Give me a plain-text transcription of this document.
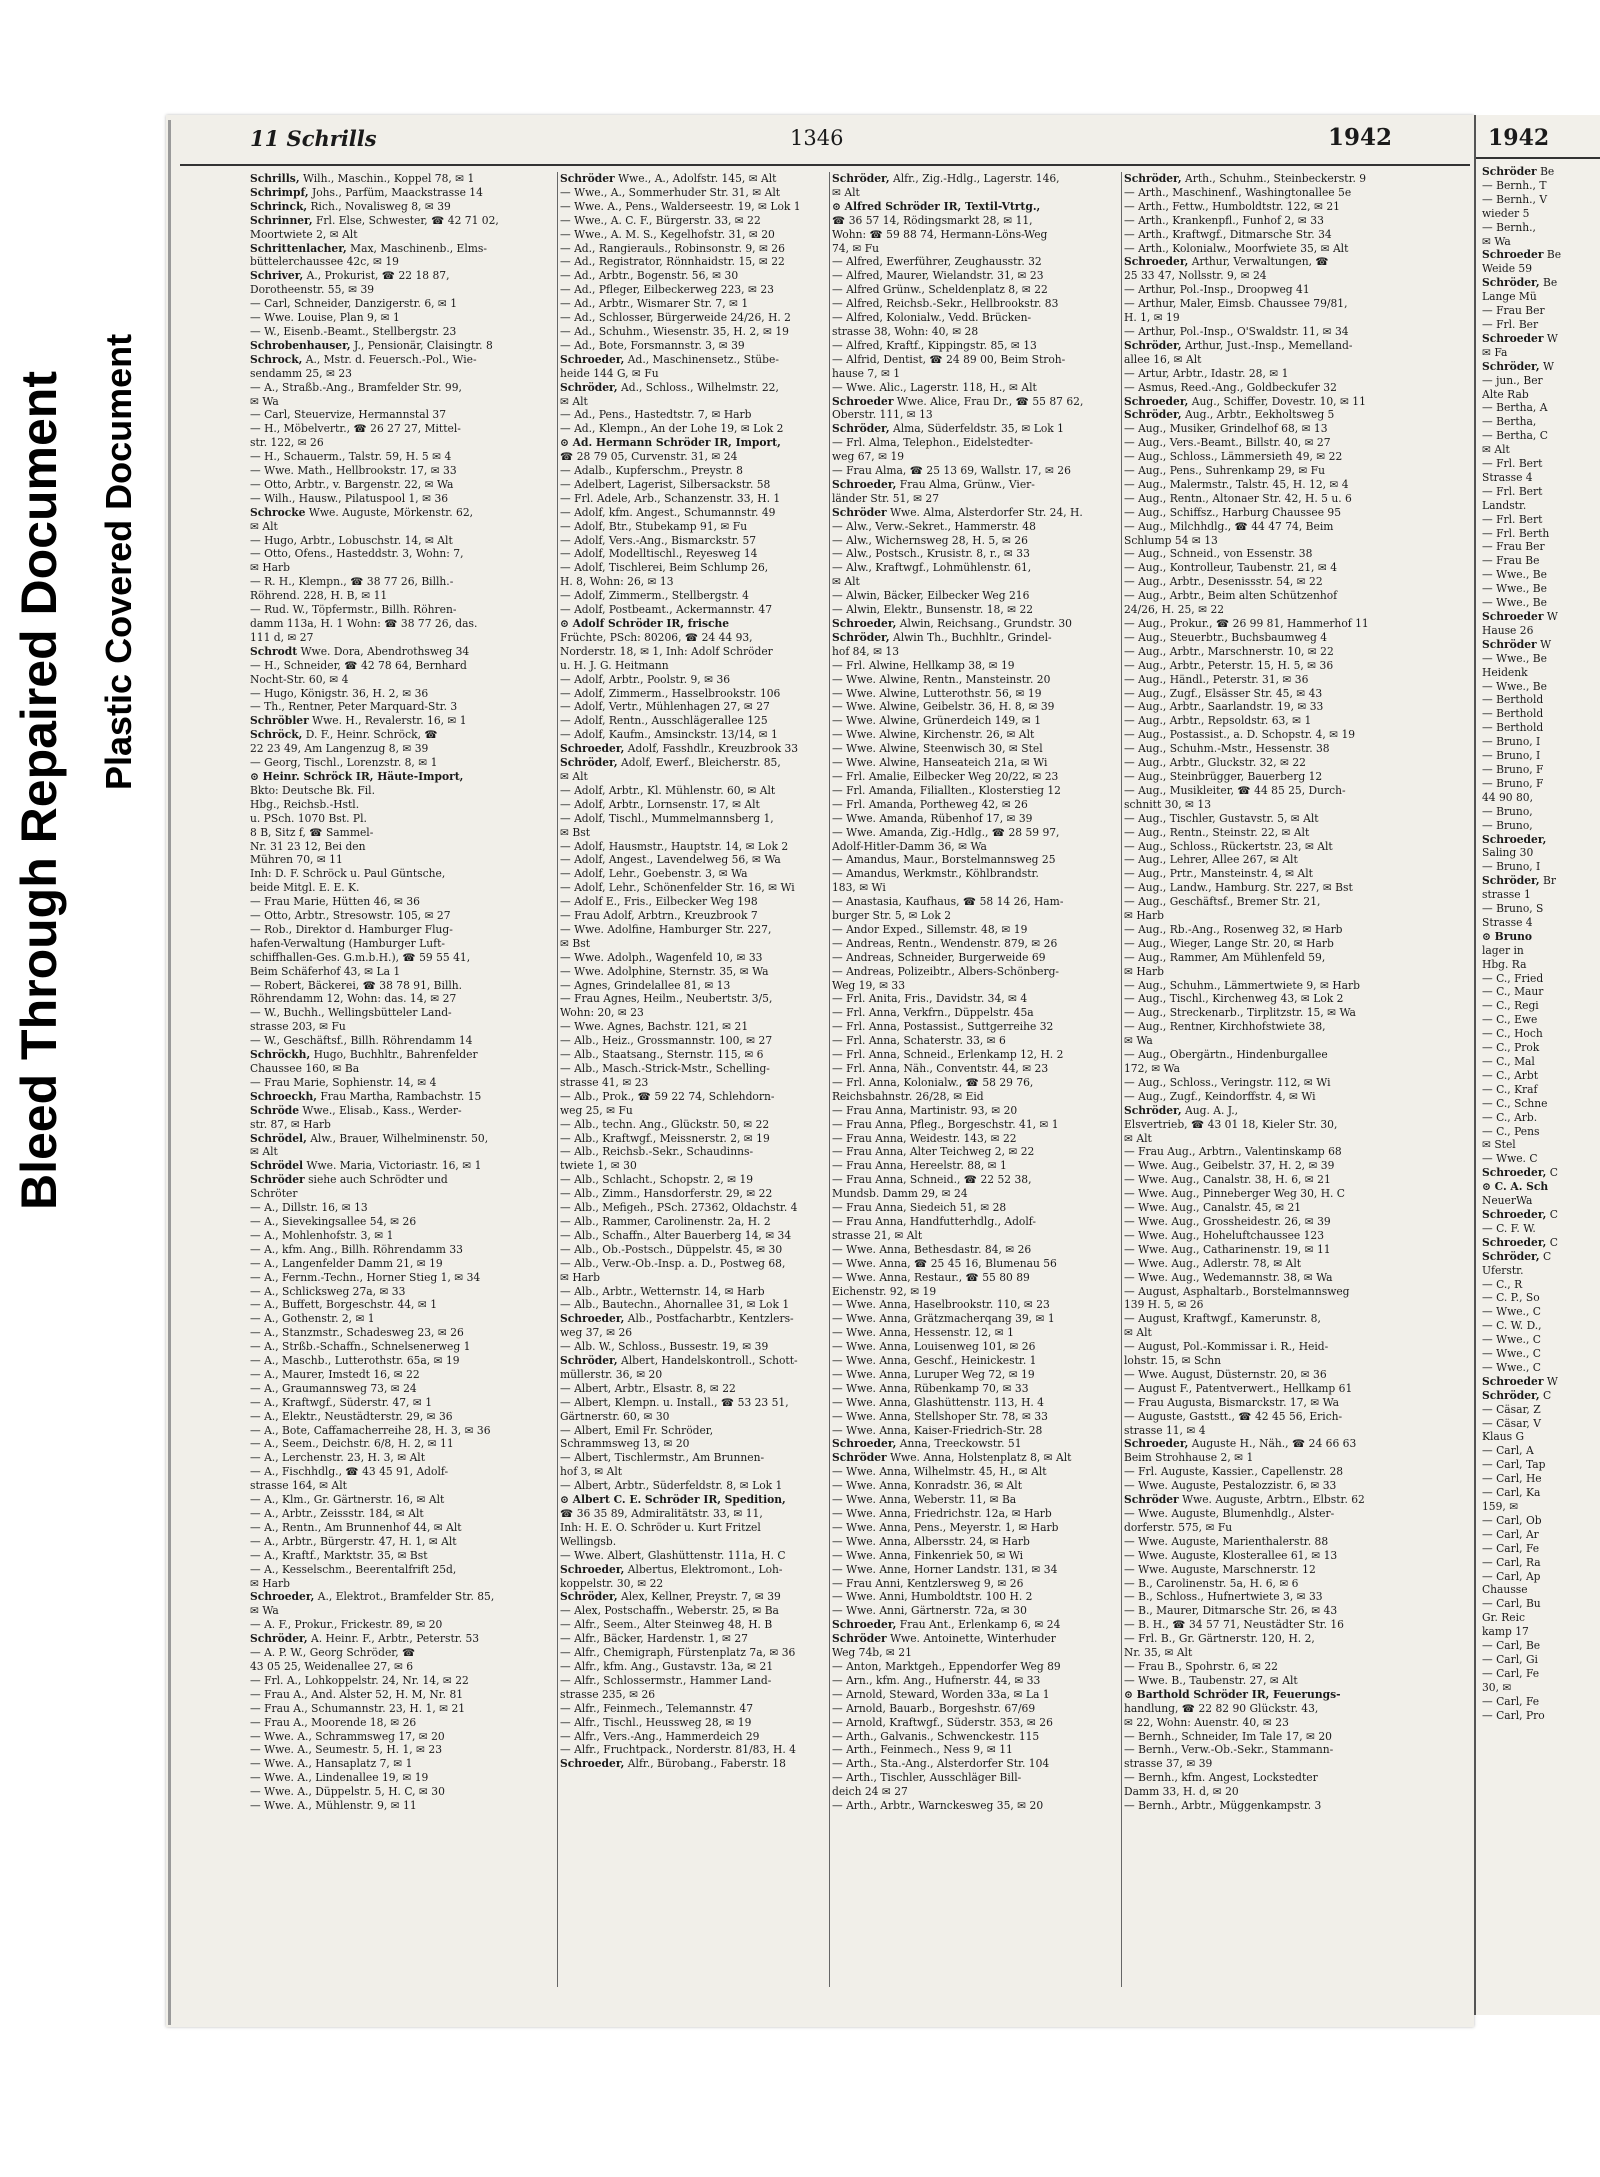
Bleed Through Repaired Document Plastic Covered Document
11 Schrills	1346	1942
Schrills, Wilh., Maschin., Koppel 78, ✉ 1
Schrimpf, Johs., Parfüm, Maackstrasse 14
Schrinck, Rich., Novalisweg 8, ✉ 39
Schrinner, Frl. Else, Schwester, ☎ 42 71 02,
Moortwiete 2, ✉ Alt
Schrittenlacher, Max, Maschinenb., Elms-
büttelerchaussee 42c, ✉ 19
Schriver, A., Prokurist, ☎ 22 18 87,
Dorotheenstr. 55, ✉ 39
— Carl, Schneider, Danzigerstr. 6, ✉ 1
— Wwe. Louise, Plan 9, ✉ 1
— W., Eisenb.-Beamt., Stellbergstr. 23
Schrobenhauser, J., Pensionär, Claisingtr. 8
Schrock, A., Mstr. d. Feuersch.-Pol., Wie-
sendamm 25, ✉ 23
— A., Straßb.-Ang., Bramfelder Str. 99,
✉ Wa
— Carl, Steuervize, Hermannstal 37
— H., Möbelvertr., ☎ 26 27 27, Mittel-
str. 122, ✉ 26
— H., Schauerm., Talstr. 59, H. 5 ✉ 4
— Wwe. Math., Hellbrookstr. 17, ✉ 33
— Otto, Arbtr., v. Bargenstr. 22, ✉ Wa
— Wilh., Hausw., Pilatuspool 1, ✉ 36
Schrocke Wwe. Auguste, Mörkenstr. 62,
✉ Alt
— Hugo, Arbtr., Lobuschstr. 14, ✉ Alt
— Otto, Ofens., Hasteddstr. 3, Wohn: 7,
✉ Harb
— R. H., Klempn., ☎ 38 77 26, Billh.-
Röhrend. 228, H. B, ✉ 11
— Rud. W., Töpfermstr., Billh. Röhren-
damm 113a, H. 1 Wohn: ☎ 38 77 26, das.
111 d, ✉ 27
Schrodt Wwe. Dora, Abendrothsweg 34
— H., Schneider, ☎ 42 78 64, Bernhard
Nocht-Str. 60, ✉ 4
— Hugo, Königstr. 36, H. 2, ✉ 36
— Th., Rentner, Peter Marquard-Str. 3
Schröbler Wwe. H., Revalerstr. 16, ✉ 1
Schröck, D. F., Heinr. Schröck, ☎
22 23 49, Am Langenzug 8, ✉ 39
— Georg, Tischl., Lorenzstr. 8, ✉ 1
⊙ Heinr. Schröck IR, Häute-Import,
Bkto: Deutsche Bk. Fil.
Hbg., Reichsb.-Hstl.
u. PSch. 1070 Bst. Pl.
8 B, Sitz f, ☎ Sammel-
Nr. 31 23 12, Bei den
Mühren 70, ✉ 11
Inh: D. F. Schröck u. Paul Güntsche,
beide Mitgl. E. E. K.
— Frau Marie, Hütten 46, ✉ 36
— Otto, Arbtr., Stresowstr. 105, ✉ 27
— Rob., Direktor d. Hamburger Flug-
hafen-Verwaltung (Hamburger Luft-
schiffhallen-Ges. G.m.b.H.), ☎ 59 55 41,
Beim Schäferhof 43, ✉ La 1
— Robert, Bäckerei, ☎ 38 78 91, Billh.
Röhrendamm 12, Wohn: das. 14, ✉ 27
— W., Buchh., Wellingsbütteler Land-
strasse 203, ✉ Fu
— W., Geschäftsf., Billh. Röhrendamm 14
Schröckh, Hugo, Buchhltr., Bahrenfelder
Chaussee 160, ✉ Ba
— Frau Marie, Sophienstr. 14, ✉ 4
Schroeckh, Frau Martha, Rambachstr. 15
Schröde Wwe., Elisab., Kass., Werder-
str. 87, ✉ Harb
Schrödel, Alw., Brauer, Wilhelminenstr. 50,
✉ Alt
Schrödel Wwe. Maria, Victoriastr. 16, ✉ 1
Schröder siehe auch Schrödter und
Schröter
— A., Dillstr. 16, ✉ 13
— A., Sievekingsallee 54, ✉ 26
— A., Mohlenhofstr. 3, ✉ 1
— A., kfm. Ang., Billh. Röhrendamm 33
— A., Langenfelder Damm 21, ✉ 19
— A., Fernm.-Techn., Horner Stieg 1, ✉ 34
— A., Schlicksweg 27a, ✉ 33
— A., Buffett, Borgeschstr. 44, ✉ 1
— A., Gothenstr. 2, ✉ 1
— A., Stanzmstr., Schadesweg 23, ✉ 26
— A., Strßb.-Schaffn., Schnelsenerweg 1
— A., Maschb., Lutterothstr. 65a, ✉ 19
— A., Maurer, Imstedt 16, ✉ 22
— A., Graumannsweg 73, ✉ 24
— A., Kraftwgf., Süderstr. 47, ✉ 1
— A., Elektr., Neustädterstr. 29, ✉ 36
— A., Bote, Caffamacherreihe 28, H. 3, ✉ 36
— A., Seem., Deichstr. 6/8, H. 2, ✉ 11
— A., Lerchenstr. 23, H. 3, ✉ Alt
— A., Fischhdlg., ☎ 43 45 91, Adolf-
strasse 164, ✉ Alt
— A., Klm., Gr. Gärtnerstr. 16, ✉ Alt
— A., Arbtr., Zeissstr. 184, ✉ Alt
— A., Rentn., Am Brunnenhof 44, ✉ Alt
— A., Arbtr., Bürgerstr. 47, H. 1, ✉ Alt
— A., Kraftf., Marktstr. 35, ✉ Bst
— A., Kesselschm., Beerentalfrift 25d,
✉ Harb
Schroeder, A., Elektrot., Bramfelder Str. 85,
✉ Wa
— A. F., Prokur., Frickestr. 89, ✉ 20
Schröder, A. Heinr. F., Arbtr., Peterstr. 53
— A. P. W., Georg Schröder, ☎
43 05 25, Weidenallee 27, ✉ 6
— Frl. A., Lohkoppelstr. 24, Nr. 14, ✉ 22
— Frau A., And. Alster 52, H. M, Nr. 81
— Frau A., Schumannstr. 23, H. 1, ✉ 21
— Frau A., Moorende 18, ✉ 26
— Wwe. A., Schrammsweg 17, ✉ 20
— Wwe. A., Seumestr. 5, H. 1, ✉ 23
— Wwe. A., Hansaplatz 7, ✉ 1
— Wwe. A., Lindenallee 19, ✉ 19
— Wwe. A., Düppelstr. 5, H. C, ✉ 30
— Wwe. A., Mühlenstr. 9, ✉ 11
Schröder Wwe., A., Adolfstr. 145, ✉ Alt
— Wwe., A., Sommerhuder Str. 31, ✉ Alt
— Wwe. A., Pens., Walderseestr. 19, ✉ Lok 1
— Wwe., A. C. F., Bürgerstr. 33, ✉ 22
— Wwe., A. M. S., Kegelhofstr. 31, ✉ 20
— Ad., Rangierauls., Robinsonstr. 9, ✉ 26
— Ad., Registrator, Rönnhaidstr. 15, ✉ 22
— Ad., Arbtr., Bogenstr. 56, ✉ 30
— Ad., Pfleger, Eilbeckerweg 223, ✉ 23
— Ad., Arbtr., Wismarer Str. 7, ✉ 1
— Ad., Schlosser, Bürgerweide 24/26, H. 2
— Ad., Schuhm., Wiesenstr. 35, H. 2, ✉ 19
— Ad., Bote, Forsmannstr. 3, ✉ 39
Schroeder, Ad., Maschinensetz., Stübe-
heide 144 G, ✉ Fu
Schröder, Ad., Schloss., Wilhelmstr. 22,
✉ Alt
— Ad., Pens., Hastedtstr. 7, ✉ Harb
— Ad., Klempn., An der Lohe 19, ✉ Lok 2
⊙ Ad. Hermann Schröder IR, Import,
☎ 28 79 05, Curvenstr. 31, ✉ 24
— Adalb., Kupferschm., Preystr. 8
— Adelbert, Lagerist, Silbersackstr. 58
— Frl. Adele, Arb., Schanzenstr. 33, H. 1
— Adolf, kfm. Angest., Schumannstr. 49
— Adolf, Btr., Stubekamp 91, ✉ Fu
— Adolf, Vers.-Ang., Bismarckstr. 57
— Adolf, Modelltischl., Reyesweg 14
— Adolf, Tischlerei, Beim Schlump 26,
H. 8, Wohn: 26, ✉ 13
— Adolf, Zimmerm., Stellbergstr. 4
— Adolf, Postbeamt., Ackermannstr. 47
⊙ Adolf Schröder IR, frische
Früchte, PSch: 80206, ☎ 24 44 93,
Norderstr. 18, ✉ 1, Inh: Adolf Schröder
u. H. J. G. Heitmann
— Adolf, Arbtr., Poolstr. 9, ✉ 36
— Adolf, Zimmerm., Hasselbrookstr. 106
— Adolf, Vertr., Mühlenhagen 27, ✉ 27
— Adolf, Rentn., Ausschlägerallee 125
— Adolf, Kaufm., Amsinckstr. 13/14, ✉ 1
Schroeder, Adolf, Fasshdlr., Kreuzbrook 33
Schröder, Adolf, Ewerf., Bleicherstr. 85,
✉ Alt
— Adolf, Arbtr., Kl. Mühlenstr. 60, ✉ Alt
— Adolf, Arbtr., Lornsenstr. 17, ✉ Alt
— Adolf, Tischl., Mummelmannsberg 1,
✉ Bst
— Adolf, Hausmstr., Hauptstr. 14, ✉ Lok 2
— Adolf, Angest., Lavendelweg 56, ✉ Wa
— Adolf, Lehr., Goebenstr. 3, ✉ Wa
— Adolf, Lehr., Schönenfelder Str. 16, ✉ Wi
— Adolf E., Fris., Eilbecker Weg 198
— Frau Adolf, Arbtrn., Kreuzbrook 7
— Wwe. Adolfine, Hamburger Str. 227,
✉ Bst
— Wwe. Adolph., Wagenfeld 10, ✉ 33
— Wwe. Adolphine, Sternstr. 35, ✉ Wa
— Agnes, Grindelallee 81, ✉ 13
— Frau Agnes, Heilm., Neubertstr. 3/5,
Wohn: 20, ✉ 23
— Wwe. Agnes, Bachstr. 121, ✉ 21
— Alb., Heiz., Grossmannstr. 100, ✉ 27
— Alb., Staatsang., Sternstr. 115, ✉ 6
— Alb., Masch.-Strick-Mstr., Schelling-
strasse 41, ✉ 23
— Alb., Prok., ☎ 59 22 74, Schlehdorn-
weg 25, ✉ Fu
— Alb., techn. Ang., Glückstr. 50, ✉ 22
— Alb., Kraftwgf., Meissnerstr. 2, ✉ 19
— Alb., Reichsb.-Sekr., Schaudinns-
twiete 1, ✉ 30
— Alb., Schlacht., Schopstr. 2, ✉ 19
— Alb., Zimm., Hansdorferstr. 29, ✉ 22
— Alb., Mefigeh., PSch. 27362, Oldachstr. 4
— Alb., Rammer, Carolinenstr. 2a, H. 2
— Alb., Schaffn., Alter Bauerberg 14, ✉ 34
— Alb., Ob.-Postsch., Düppelstr. 45, ✉ 30
— Alb., Verw.-Ob.-Insp. a. D., Postweg 68,
✉ Harb
— Alb., Arbtr., Wetternstr. 14, ✉ Harb
— Alb., Bautechn., Ahornallee 31, ✉ Lok 1
Schroeder, Alb., Postfacharbtr., Kentzlers-
weg 37, ✉ 26
— Alb. W., Schloss., Bussestr. 19, ✉ 39
Schröder, Albert, Handelskontroll., Schott-
müllerstr. 36, ✉ 20
— Albert, Arbtr., Elsastr. 8, ✉ 22
— Albert, Klempn. u. Install., ☎ 53 23 51,
Gärtnerstr. 60, ✉ 30
— Albert, Emil Fr. Schröder,
Schrammsweg 13, ✉ 20
— Albert, Tischlermstr., Am Brunnen-
hof 3, ✉ Alt
— Albert, Arbtr., Süderfeldstr. 8, ✉ Lok 1
⊙ Albert C. E. Schröder IR, Spedition,
☎ 36 35 89, Admiralitätstr. 33, ✉ 11,
Inh: H. E. O. Schröder u. Kurt Fritzel
Wellingsb.
— Wwe. Albert, Glashüttenstr. 111a, H. C
Schroeder, Albertus, Elektromont., Loh-
koppelstr. 30, ✉ 22
Schröder, Alex, Kellner, Preystr. 7, ✉ 39
— Alex, Postschaffn., Weberstr. 25, ✉ Ba
— Alfr., Seem., Alter Steinweg 48, H. B
— Alfr., Bäcker, Hardenstr. 1, ✉ 27
— Alfr., Chemigraph, Fürstenplatz 7a, ✉ 36
— Alfr., kfm. Ang., Gustavstr. 13a, ✉ 21
— Alfr., Schlossermstr., Hammer Land-
strasse 235, ✉ 26
— Alfr., Feinmech., Telemannstr. 47
— Alfr., Tischl., Heussweg 28, ✉ 19
— Alfr., Vers.-Ang., Hammerdeich 29
— Alfr., Fruchtpack., Norderstr. 81/83, H. 4
Schroeder, Alfr., Bürobang., Faberstr. 18
Schröder, Alfr., Zig.-Hdlg., Lagerstr. 146,
✉ Alt
⊙ Alfred Schröder IR, Textil-Vtrtg.,
☎ 36 57 14, Rödingsmarkt 28, ✉ 11,
Wohn: ☎ 59 88 74, Hermann-Löns-Weg
74, ✉ Fu
— Alfred, Ewerführer, Zeughausstr. 32
— Alfred, Maurer, Wielandstr. 31, ✉ 23
— Alfred Grünw., Scheldenplatz 8, ✉ 22
— Alfred, Reichsb.-Sekr., Hellbrookstr. 83
— Alfred, Kolonialw., Vedd. Brücken-
strasse 38, Wohn: 40, ✉ 28
— Alfred, Kraftf., Kippingstr. 85, ✉ 13
— Alfrid, Dentist, ☎ 24 89 00, Beim Stroh-
hause 7, ✉ 1
— Wwe. Alic., Lagerstr. 118, H., ✉ Alt
Schroeder Wwe. Alice, Frau Dr., ☎ 55 87 62,
Oberstr. 111, ✉ 13
Schröder, Alma, Süderfeldstr. 35, ✉ Lok 1
— Frl. Alma, Telephon., Eidelstedter-
weg 67, ✉ 19
— Frau Alma, ☎ 25 13 69, Wallstr. 17, ✉ 26
Schroeder, Frau Alma, Grünw., Vier-
länder Str. 51, ✉ 27
Schröder Wwe. Alma, Alsterdorfer Str. 24, H.
— Alw., Verw.-Sekret., Hammerstr. 48
— Alw., Wichernsweg 28, H. 5, ✉ 26
— Alw., Postsch., Krusistr. 8, r., ✉ 33
— Alw., Kraftwgf., Lohmühlenstr. 61,
✉ Alt
— Alwin, Bäcker, Eilbecker Weg 216
— Alwin, Elektr., Bunsenstr. 18, ✉ 22
Schroeder, Alwin, Reichsang., Grundstr. 30
Schröder, Alwin Th., Buchhltr., Grindel-
hof 84, ✉ 13
— Frl. Alwine, Hellkamp 38, ✉ 19
— Wwe. Alwine, Rentn., Mansteinstr. 20
— Wwe. Alwine, Lutterothstr. 56, ✉ 19
— Wwe. Alwine, Geibelstr. 36, H. 8, ✉ 39
— Wwe. Alwine, Grünerdeich 149, ✉ 1
— Wwe. Alwine, Kirchenstr. 26, ✉ Alt
— Wwe. Alwine, Steenwisch 30, ✉ Stel
— Wwe. Alwine, Hanseateich 21a, ✉ Wi
— Frl. Amalie, Eilbecker Weg 20/22, ✉ 23
— Frl. Amanda, Filiallten., Klosterstieg 12
— Frl. Amanda, Portheweg 42, ✉ 26
— Wwe. Amanda, Rübenhof 17, ✉ 39
— Wwe. Amanda, Zig.-Hdlg., ☎ 28 59 97,
Adolf-Hitler-Damm 36, ✉ Wa
— Amandus, Maur., Borstelmannsweg 25
— Amandus, Werkmstr., Köhlbrandstr.
183, ✉ Wi
— Anastasia, Kaufhaus, ☎ 58 14 26, Ham-
burger Str. 5, ✉ Lok 2
— Andor Exped., Sillemstr. 48, ✉ 19
— Andreas, Rentn., Wendenstr. 879, ✉ 26
— Andreas, Schneider, Burgerweide 69
— Andreas, Polizeibtr., Albers-Schönberg-
Weg 19, ✉ 33
— Frl. Anita, Fris., Davidstr. 34, ✉ 4
— Frl. Anna, Verkfrn., Düppelstr. 45a
— Frl. Anna, Postassist., Suttgerreihe 32
— Frl. Anna, Schaterstr. 33, ✉ 6
— Frl. Anna, Schneid., Erlenkamp 12, H. 2
— Frl. Anna, Näh., Conventstr. 44, ✉ 23
— Frl. Anna, Kolonialw., ☎ 58 29 76,
Reichsbahnstr. 26/28, ✉ Eid
— Frau Anna, Martinistr. 93, ✉ 20
— Frau Anna, Pfleg., Borgeschstr. 41, ✉ 1
— Frau Anna, Weidestr. 143, ✉ 22
— Frau Anna, Alter Teichweg 2, ✉ 22
— Frau Anna, Hereelstr. 88, ✉ 1
— Frau Anna, Schneid., ☎ 22 52 38,
Mundsb. Damm 29, ✉ 24
— Frau Anna, Siedeich 51, ✉ 28
— Frau Anna, Handfutterhdlg., Adolf-
strasse 21, ✉ Alt
— Wwe. Anna, Bethesdastr. 84, ✉ 26
— Wwe. Anna, ☎ 25 45 16, Blumenau 56
— Wwe. Anna, Restaur., ☎ 55 80 89
Eichenstr. 92, ✉ 19
— Wwe. Anna, Haselbrookstr. 110, ✉ 23
— Wwe. Anna, Grätzmacherqang 39, ✉ 1
— Wwe. Anna, Hessenstr. 12, ✉ 1
— Wwe. Anna, Louisenweg 101, ✉ 26
— Wwe. Anna, Geschf., Heinickestr. 1
— Wwe. Anna, Luruper Weg 72, ✉ 19
— Wwe. Anna, Rübenkamp 70, ✉ 33
— Wwe. Anna, Glashüttenstr. 113, H. 4
— Wwe. Anna, Stellshoper Str. 78, ✉ 33
— Wwe. Anna, Kaiser-Friedrich-Str. 28
Schroeder, Anna, Treeckowstr. 51
Schröder Wwe. Anna, Holstenplatz 8, ✉ Alt
— Wwe. Anna, Wilhelmstr. 45, H., ✉ Alt
— Wwe. Anna, Konradstr. 36, ✉ Alt
— Wwe. Anna, Weberstr. 11, ✉ Ba
— Wwe. Anna, Friedrichstr. 12a, ✉ Harb
— Wwe. Anna, Pens., Meyerstr. 1, ✉ Harb
— Wwe. Anna, Albersstr. 24, ✉ Harb
— Wwe. Anna, Finkenriek 50, ✉ Wi
— Wwe. Anne, Horner Landstr. 131, ✉ 34
— Frau Anni, Kentzlersweg 9, ✉ 26
— Wwe. Anni, Humboldtstr. 100 H. 2
— Wwe. Anni, Gärtnerstr. 72a, ✉ 30
Schroeder, Frau Ant., Erlenkamp 6, ✉ 24
Schröder Wwe. Antoinette, Winterhuder
Weg 74b, ✉ 21
— Anton, Marktgeh., Eppendorfer Weg 89
— Arn., kfm. Ang., Hufnerstr. 44, ✉ 33
— Arnold, Steward, Worden 33a, ✉ La 1
— Arnold, Bauarb., Borgeshstr. 67/69
— Arnold, Kraftwgf., Süderstr. 353, ✉ 26
— Arth., Galvanis., Schwenckestr. 115
— Arth., Feinmech., Ness 9, ✉ 11
— Arth., Sta.-Ang., Alsterdorfer Str. 104
— Arth., Tischler, Ausschläger Bill-
deich 24 ✉ 27
— Arth., Arbtr., Warnckesweg 35, ✉ 20
Schröder, Arth., Schuhm., Steinbeckerstr. 9
— Arth., Maschinenf., Washingtonallee 5e
— Arth., Fettw., Humboldtstr. 122, ✉ 21
— Arth., Krankenpfl., Funhof 2, ✉ 33
— Arth., Kraftwgf., Ditmarsche Str. 34
— Arth., Kolonialw., Moorfwiete 35, ✉ Alt
Schroeder, Arthur, Verwaltungen, ☎
25 33 47, Nollsstr. 9, ✉ 24
— Arthur, Pol.-Insp., Droopweg 41
— Arthur, Maler, Eimsb. Chaussee 79/81,
H. 1, ✉ 19
— Arthur, Pol.-Insp., O'Swaldstr. 11, ✉ 34
Schröder, Arthur, Just.-Insp., Memelland-
allee 16, ✉ Alt
— Artur, Arbtr., Idastr. 28, ✉ 1
— Asmus, Reed.-Ang., Goldbeckufer 32
Schroeder, Aug., Schiffer, Dovestr. 10, ✉ 11
Schröder, Aug., Arbtr., Eekholtsweg 5
— Aug., Musiker, Grindelhof 68, ✉ 13
— Aug., Vers.-Beamt., Billstr. 40, ✉ 27
— Aug., Schloss., Lämmersieth 49, ✉ 22
— Aug., Pens., Suhrenkamp 29, ✉ Fu
— Aug., Malermstr., Talstr. 45, H. 12, ✉ 4
— Aug., Rentn., Altonaer Str. 42, H. 5 u. 6
— Aug., Schiffsz., Harburg Chaussee 95
— Aug., Milchhdlg., ☎ 44 47 74, Beim
Schlump 54 ✉ 13
— Aug., Schneid., von Essenstr. 38
— Aug., Kontrolleur, Taubenstr. 21, ✉ 4
— Aug., Arbtr., Desenissstr. 54, ✉ 22
— Aug., Arbtr., Beim alten Schützenhof
24/26, H. 25, ✉ 22
— Aug., Prokur., ☎ 26 99 81, Hammerhof 11
— Aug., Steuerbtr., Buchsbaumweg 4
— Aug., Arbtr., Marschnerstr. 10, ✉ 22
— Aug., Arbtr., Peterstr. 15, H. 5, ✉ 36
— Aug., Händl., Peterstr. 31, ✉ 36
— Aug., Zugf., Elsässer Str. 45, ✉ 43
— Aug., Arbtr., Saarlandstr. 19, ✉ 33
— Aug., Arbtr., Repsoldstr. 63, ✉ 1
— Aug., Postassist., a. D. Schopstr. 4, ✉ 19
— Aug., Schuhm.-Mstr., Hessenstr. 38
— Aug., Arbtr., Gluckstr. 32, ✉ 22
— Aug., Steinbrügger, Bauerberg 12
— Aug., Musikleiter, ☎ 44 85 25, Durch-
schnitt 30, ✉ 13
— Aug., Tischler, Gustavstr. 5, ✉ Alt
— Aug., Rentn., Steinstr. 22, ✉ Alt
— Aug., Schloss., Rückertstr. 23, ✉ Alt
— Aug., Lehrer, Allee 267, ✉ Alt
— Aug., Prtr., Mansteinstr. 4, ✉ Alt
— Aug., Landw., Hamburg. Str. 227, ✉ Bst
— Aug., Geschäftsf., Bremer Str. 21,
✉ Harb
— Aug., Rb.-Ang., Rosenweg 32, ✉ Harb
— Aug., Wieger, Lange Str. 20, ✉ Harb
— Aug., Rammer, Am Mühlenfeld 59,
✉ Harb
— Aug., Schuhm., Lämmertwiete 9, ✉ Harb
— Aug., Tischl., Kirchenweg 43, ✉ Lok 2
— Aug., Streckenarb., Tirplitzstr. 15, ✉ Wa
— Aug., Rentner, Kirchhofstwiete 38,
✉ Wa
— Aug., Obergärtn., Hindenburgallee
172, ✉ Wa
— Aug., Schloss., Veringstr. 112, ✉ Wi
— Aug., Zugf., Keindorffstr. 4, ✉ Wi
Schröder, Aug. A. J.,
Elsvertrieb, ☎ 43 01 18, Kieler Str. 30,
✉ Alt
— Frau Aug., Arbtrn., Valentinskamp 68
— Wwe. Aug., Geibelstr. 37, H. 2, ✉ 39
— Wwe. Aug., Canalstr. 38, H. 6, ✉ 21
— Wwe. Aug., Pinneberger Weg 30, H. C
— Wwe. Aug., Canalstr. 45, ✉ 21
— Wwe. Aug., Grossheidestr. 26, ✉ 39
— Wwe. Aug., Hoheluftchaussee 123
— Wwe. Aug., Catharinenstr. 19, ✉ 11
— Wwe. Aug., Adlerstr. 78, ✉ Alt
— Wwe. Aug., Wedemannstr. 38, ✉ Wa
— August, Asphaltarb., Borstelmannsweg
139 H. 5, ✉ 26
— August, Kraftwgf., Kamerunstr. 8,
✉ Alt
— August, Pol.-Kommissar i. R., Heid-
lohstr. 15, ✉ Schn
— Wwe. August, Düsternstr. 20, ✉ 36
— August F., Patentverwert., Hellkamp 61
— Frau Augusta, Bismarckstr. 17, ✉ Wa
— Auguste, Gaststt., ☎ 42 45 56, Erich-
strasse 11, ✉ 4
Schroeder, Auguste H., Näh., ☎ 24 66 63
Beim Strohhause 2, ✉ 1
— Frl. Auguste, Kassier., Capellenstr. 28
— Wwe. Auguste, Pestalozzistr. 6, ✉ 33
Schröder Wwe. Auguste, Arbtrn., Elbstr. 62
— Wwe. Auguste, Blumenhdlg., Alster-
dorferstr. 575, ✉ Fu
— Wwe. Auguste, Marienthalerstr. 88
— Wwe. Auguste, Klosterallee 61, ✉ 13
— Wwe. Auguste, Marschnerstr. 12
— B., Carolinenstr. 5a, H. 6, ✉ 6
— B., Schloss., Hufnertwiete 3, ✉ 33
— B., Maurer, Ditmarsche Str. 26, ✉ 43
— B. H., ☎ 34 57 71, Neustädter Str. 16
— Frl. B., Gr. Gärtnerstr. 120, H. 2,
Nr. 35, ✉ Alt
— Frau B., Spohrstr. 6, ✉ 22
— Wwe. B., Taubenstr. 27, ✉ Alt
⊙ Barthold Schröder IR, Feuerungs-
handlung, ☎ 22 82 90 Glückstr. 43,
✉ 22, Wohn: Auenstr. 40, ✉ 23
— Bernh., Schneider, Im Tale 17, ✉ 20
— Bernh., Verw.-Ob.-Sekr., Stammann-
strasse 37, ✉ 39
— Bernh., kfm. Angest, Lockstedter
Damm 33, H. d, ✉ 20
— Bernh., Arbtr., Müggenkampstr. 3
1942
Schröder Be
— Bernh., T
— Bernh., V
wieder 5
— Bernh.,
✉ Wa
Schroeder Be
Weide 59
Schröder, Be
Lange Mü
— Frau Ber
— Frl. Ber
Schroeder W
✉ Fa
Schröder, W
— jun., Ber
Alte Rab
— Bertha, A
— Bertha,
— Bertha, C
✉ Alt
— Frl. Bert
Strasse 4
— Frl. Bert
Landstr.
— Frl. Bert
— Frl. Berth
— Frau Ber
— Frau Be
— Wwe., Be
— Wwe., Be
— Wwe., Be
Schroeder W
Hause 26
Schröder W
— Wwe., Be
Heidenk
— Wwe., Be
— Berthold
— Berthold
— Berthold
— Bruno, I
— Bruno, I
— Bruno, F
— Bruno, F
44 90 80,
— Bruno,
— Bruno,
Schroeder,
Saling 30
— Bruno, I
Schröder, Br
strasse 1
— Bruno, S
Strasse 4
⊙ Bruno
lager in
Hbg. Ra
— C., Fried
— C., Maur
— C., Regi
— C., Ewe
— C., Hoch
— C., Prok
— C., Mal
— C., Arbt
— C., Kraf
— C., Schne
— C., Arb.
— C., Pens
✉ Stel
— Wwe. C
Schroeder, C
⊙ C. A. Sch
NeuerWa
Schroeder, C
— C. F. W.
Schroeder, C
Schröder, C
Uferstr.
— C., R
— C. P., So
— Wwe., C
— C. W. D.,
— Wwe., C
— Wwe., C
— Wwe., C
Schroeder W
Schröder, C
— Cäsar, Z
— Cäsar, V
Klaus G
— Carl, A
— Carl, Tap
— Carl, He
— Carl, Ka
159, ✉
— Carl, Ob
— Carl, Ar
— Carl, Fe
— Carl, Ra
— Carl, Ap
Chausse
— Carl, Bu
Gr. Reic
kamp 17
— Carl, Be
— Carl, Gi
— Carl, Fe
30, ✉
— Carl, Fe
— Carl, Pro
